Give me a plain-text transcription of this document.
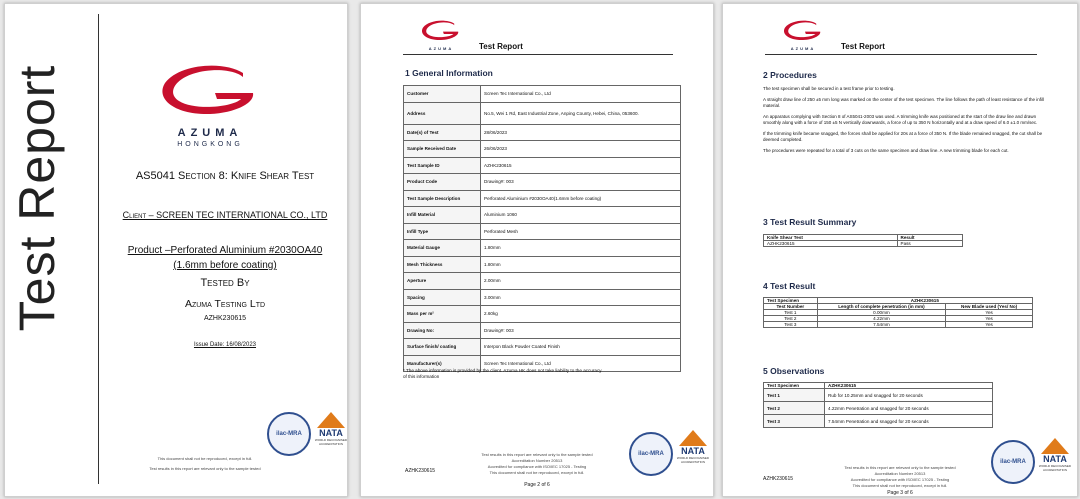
Test Report	AZUMA
HONGKONG
AS5041 Section 8: Knife Shear Test
Client – SCREEN TEC INTERNATIONAL CO., LTD
Product –Perforated Aluminium #2030OA40
(1.6mm before coating)
Tested By
Azuma Testing Ltd
AZHK230615
Issue Date: 16/08/2023
ilac-MRA	NATA
WORLD RECOGNISED ACCREDITATION
This document shall not be reproduced, except in full.
Test results in this report are relevant only to the sample tested
AZUMA	Test Report
1 General Information
Customer	Screen Tec International Co., Ltd
Address	No.5, Wei 1 Rd, East Industrial Zone, Anping County, Hebei, China, 053600.
Date(s) of Test	28/06/2023
Sample Received Date	26/06/2023
Test Sample ID	AZHK230615
Product Code	Drawing#: 003
Test Sample Description	Perforated Aluminium #2030OA40(1.6mm before coating)
Infill Material	Aluminium 1060
Infill Type	Perforated Mesh
Material Gauge	1.80mm
Mesh Thickness	1.80mm
Aperture	2.00mm
Spacing	3.00mm
Mass per m²	2.60kg
Drawing No:	Drawing#: 003
Surface finish/ coating	Interpon Black Powder Coated Finish
Manufacturer(s)	Screen Tec International Co., Ltd
* The above information is provided by the client. Azuma HK does not take liability to the accuracy
of this information
ilac-MRA	NATA
WORLD RECOGNISED ACCREDITATION
AZHK230615
Test results in this report are relevant only to the sample tested
Accreditation Number 20513
Accredited for compliance with ISO/IEC 17025 - Testing
This document shall not be reproduced, except in full.
Page 2 of 6
AZUMA	Test Report
2 Procedures
The test specimen shall be secured in a test frame prior to testing.
A straight draw line of 250 ±5 mm long was marked on the center of the test specimen. The line follows the path of least resistance of the infill material.
An apparatus complying with Section 8 of AS5041-2003 was used. A trimming knife was positioned at the start of the draw line and drawn smoothly along with a force of 150 ±5 N vertically downwards, a force of up to 350 N horizontally and at a draw speed of 6.0 ±1.0 mm/sec.
If the trimming knife became snagged, the forces shall be applied for 20s at a force of 350 N. If the blade remained snagged, the cut shall be deemed completed.
The procedures were repeated for a total of 3 cuts on the same specimen and draw line. A new trimming blade for each cut.
3 Test Result Summary
Knife Shear Test	Result
AZHK230615	Pass
4 Test Result
Test Specimen	AZHK230615	
Test Number	Length of complete penetration (in mm)	New Blade used (Yes/ No)
Test 1	0.00mm	Yes
Test 2	4.22mm	Yes
Test 3	7.54mm	Yes
5 Observations
Test Specimen	AZHK230615
Test 1	Rub for 10.25mm and snagged for 20 seconds
Test 2	4.22mm Penetration and snagged for 20 seconds
Test 3	7.54mm Penetration and snagged for 20 seconds
ilac-MRA	NATA
WORLD RECOGNISED ACCREDITATION
AZHK230615
Test results in this report are relevant only to the sample tested
Accreditation Number 20513
Accredited for compliance with ISO/IEC 17025 - Testing
This document shall not be reproduced, except in full.
Page 3 of 6
